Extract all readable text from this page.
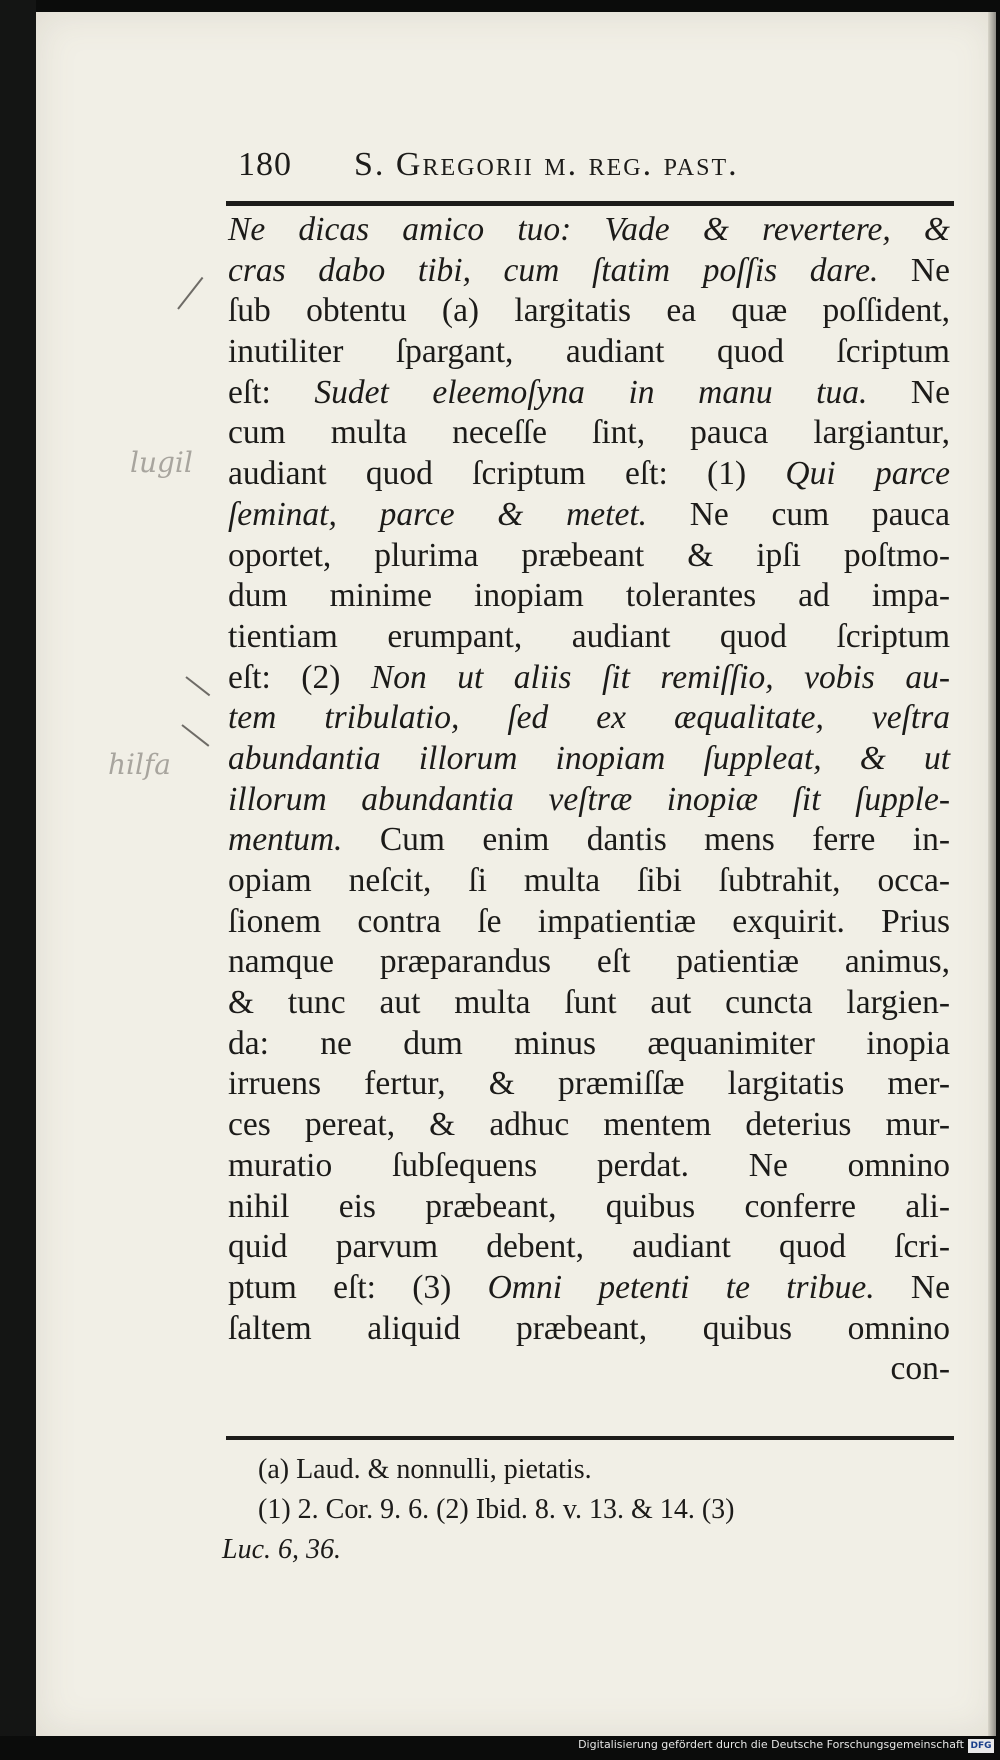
180 S. Gregorii m. reg. past.
Ne dicas amico tuo: Vade & revertere, &
cras dabo tibi, cum ſtatim poſſis dare. Ne
ſub obtentu (a) largitatis ea quæ poſſident,
inutiliter ſpargant, audiant quod ſcriptum
eſt: Sudet eleemoſyna in manu tua. Ne
cum multa neceſſe ſint, pauca largiantur,
audiant quod ſcriptum eſt: (1) Qui parce
ſeminat, parce & metet. Ne cum pauca
oportet, plurima præbeant & ipſi poſtmo-
dum minime inopiam tolerantes ad impa-
tientiam erumpant, audiant quod ſcriptum
eſt: (2) Non ut aliis ſit remiſſio, vobis au-
tem tribulatio, ſed ex æqualitate, veſtra
abundantia illorum inopiam ſuppleat, & ut
illorum abundantia veſtræ inopiæ ſit ſupple-
mentum. Cum enim dantis mens ferre in-
opiam neſcit, ſi multa ſibi ſubtrahit, occa-
ſionem contra ſe impatientiæ exquirit. Prius
namque præparandus eſt patientiæ animus,
& tunc aut multa ſunt aut cuncta largien-
da: ne dum minus æquanimiter inopia
irruens fertur, & præmiſſæ largitatis mer-
ces pereat, & adhuc mentem deterius mur-
muratio ſubſequens perdat. Ne omnino
nihil eis præbeant, quibus conferre ali-
quid parvum debent, audiant quod ſcri-
ptum eſt: (3) Omni petenti te tribue. Ne
ſaltem aliquid præbeant, quibus omnino
con-
(a) Laud. & nonnulli, pietatis.
(1) 2. Cor. 9. 6. (2) Ibid. 8. v. 13. & 14. (3)
Luc. 6, 36.
lugil
hilfa
Digitalisierung gefördert durch die Deutsche Forschungsgemeinschaft DFG
